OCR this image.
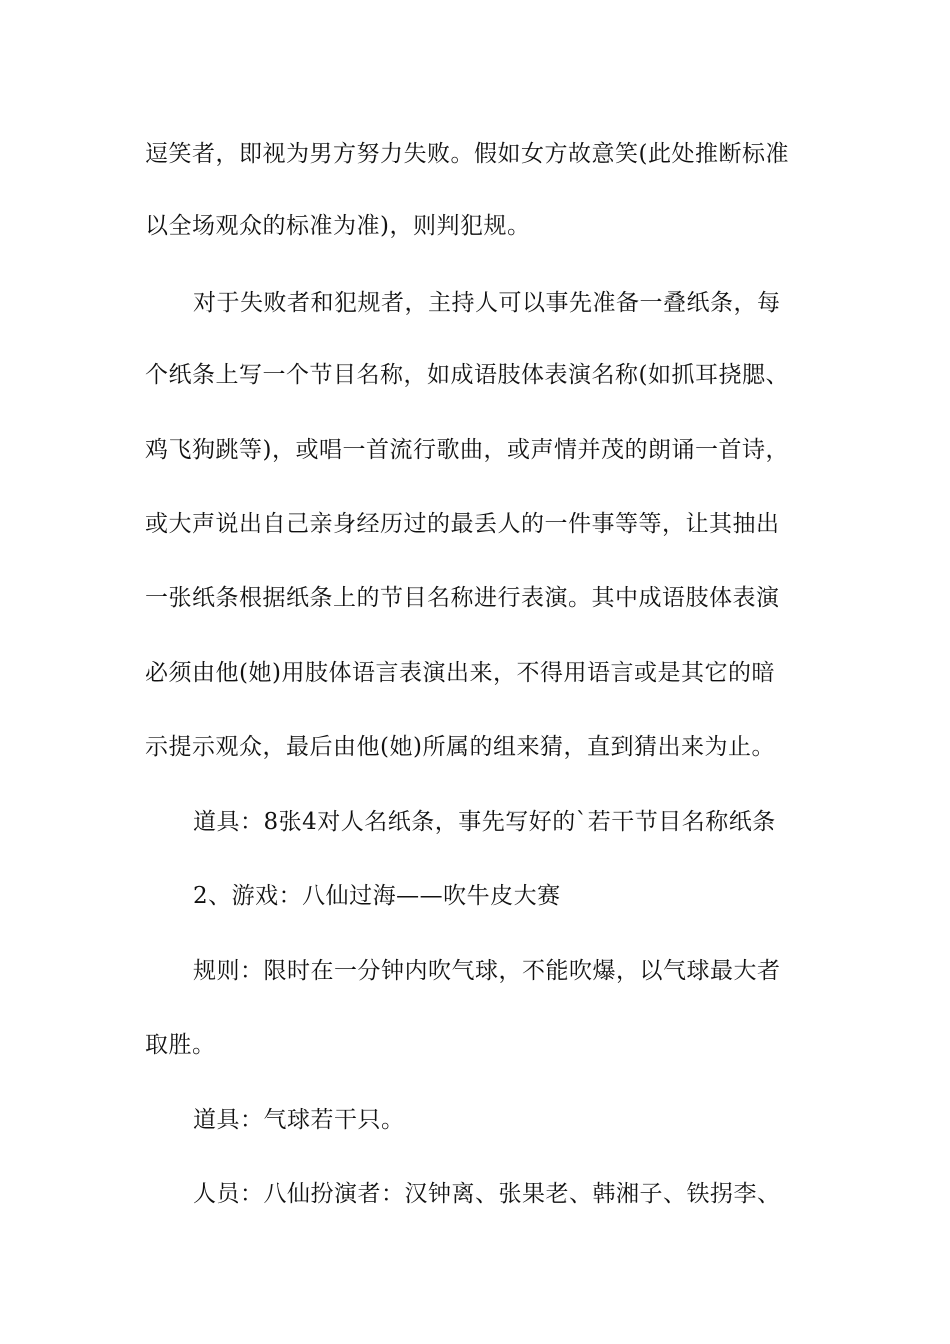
逗笑者，即视为男方努力失败。假如女方故意笑(此处推断标准
以全场观众的标准为准)，则判犯规。
对于失败者和犯规者，主持人可以事先准备一叠纸条，每
个纸条上写一个节目名称，如成语肢体表演名称(如抓耳挠腮、
鸡飞狗跳等)，或唱一首流行歌曲，或声情并茂的朗诵一首诗，
或大声说出自己亲身经历过的最丢人的一件事等等，让其抽出
一张纸条根据纸条上的节目名称进行表演。其中成语肢体表演
必须由他(她)用肢体语言表演出来，不得用语言或是其它的暗
示提示观众，最后由他(她)所属的组来猜，直到猜出来为止。
道具：8张4对人名纸条，事先写好的`若干节目名称纸条
2、游戏：八仙过海——吹牛皮大赛
规则：限时在一分钟内吹气球，不能吹爆，以气球最大者
取胜。
道具：气球若干只。
人员：八仙扮演者：汉钟离、张果老、韩湘子、铁拐李、
